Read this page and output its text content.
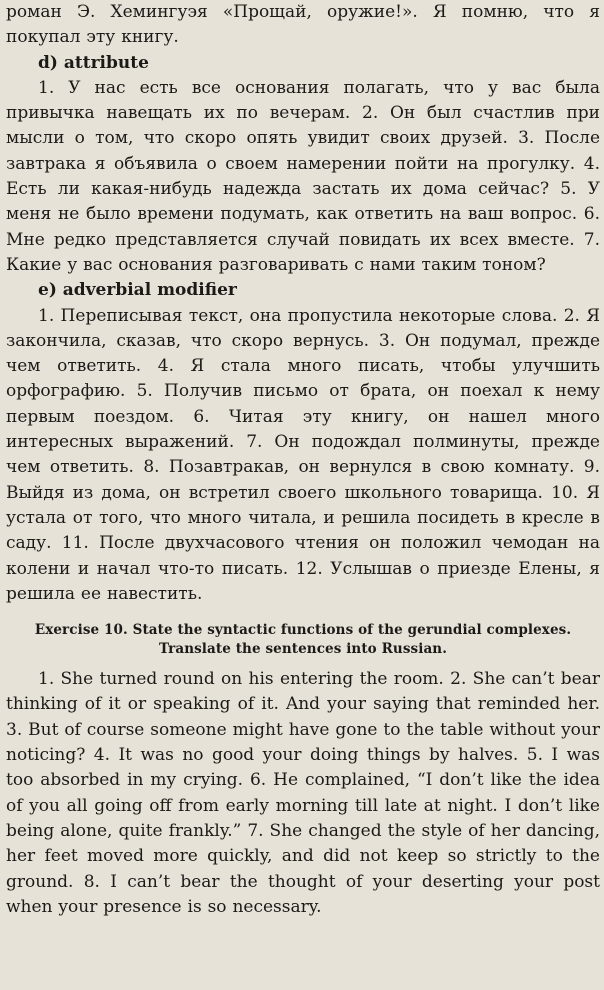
роман Э. Хемингуэя «Прощай, оружие!». Я помню, что я покупал эту книгу.

d) attribute

1. У нас есть все основания полагать, что у вас была привычка навещать их по вечерам. 2. Он был счастлив при мысли о том, что скоро опять увидит своих друзей. 3. После завтрака я объявила о своем намерении пойти на прогулку. 4. Есть ли какая-нибудь надежда застать их дома сейчас? 5. У меня не было времени подумать, как ответить на ваш вопрос. 6. Мне редко представляется случай повидать их всех вместе. 7. Какие у вас основания разговаривать с нами таким тоном?

e) adverbial modifier

1. Переписывая текст, она пропустила некоторые слова. 2. Я закончила, сказав, что скоро вернусь. 3. Он подумал, прежде чем ответить. 4. Я стала много писать, чтобы улучшить орфографию. 5. Получив письмо от брата, он поехал к нему первым поездом. 6. Читая эту книгу, он нашел много интересных выражений. 7. Он подождал полминуты, прежде чем ответить. 8. Позавтракав, он вернулся в свою комнату. 9. Выйдя из дома, он встретил своего школьного товарища. 10. Я устала от того, что много читала, и решила посидеть в кресле в саду. 11. После двухчасового чтения он положил чемодан на колени и начал что-то писать. 12. Услышав о приезде Елены, я решила ее навестить.

Exercise 10. State the syntactic functions of the gerundial complexes.
Translate the sentences into Russian.

1. She turned round on his entering the room. 2. She can’t bear thinking of it or speaking of it. And your saying that reminded her. 3. But of course someone might have gone to the table without your noticing? 4. It was no good your doing things by halves. 5. I was too absorbed in my crying. 6. He complained, “I don’t like the idea of you all going off from early morning till late at night. I don’t like being alone, quite frankly.” 7. She changed the style of her dancing, her feet moved more quickly, and did not keep so strictly to the ground. 8. I can’t bear the thought of your deserting your post when your presence is so necessary.
